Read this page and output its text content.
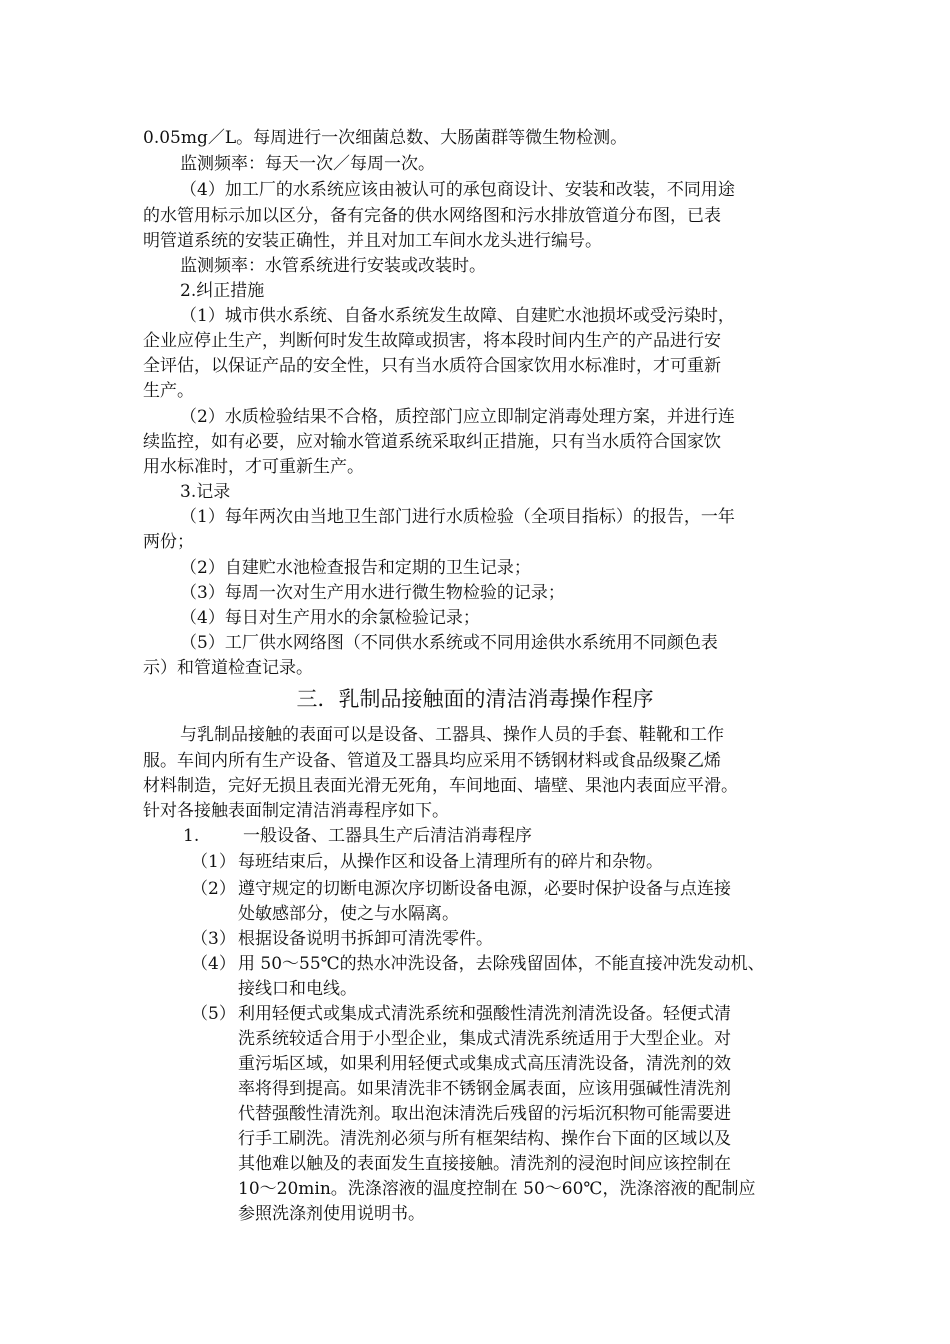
0.05mg／L。每周进行一次细菌总数、大肠菌群等微生物检测。
监测频率：每天一次／每周一次。
（4）加工厂的水系统应该由被认可的承包商设计、安装和改装，不同用途
的水管用标示加以区分，备有完备的供水网络图和污水排放管道分布图，已表
明管道系统的安装正确性，并且对加工车间水龙头进行编号。
监测频率：水管系统进行安装或改装时。
2.纠正措施
（1）城市供水系统、自备水系统发生故障、自建贮水池损坏或受污染时，
企业应停止生产，判断何时发生故障或损害，将本段时间内生产的产品进行安
全评估，以保证产品的安全性，只有当水质符合国家饮用水标准时，才可重新
生产。
（2）水质检验结果不合格，质控部门应立即制定消毒处理方案，并进行连
续监控，如有必要，应对输水管道系统采取纠正措施，只有当水质符合国家饮
用水标准时，才可重新生产。
3.记录
（1）每年两次由当地卫生部门进行水质检验（全项目指标）的报告，一年
两份；
（2）自建贮水池检查报告和定期的卫生记录；
（3）每周一次对生产用水进行微生物检验的记录；
（4）每日对生产用水的余氯检验记录；
（5）工厂供水网络图（不同供水系统或不同用途供水系统用不同颜色表
示）和管道检查记录。
三．乳制品接触面的清洁消毒操作程序
与乳制品接触的表面可以是设备、工器具、操作人员的手套、鞋靴和工作
服。车间内所有生产设备、管道及工器具均应采用不锈钢材料或食品级聚乙烯
材料制造，完好无损且表面光滑无死角，车间地面、墙壁、果池内表面应平滑。
针对各接触表面制定清洁消毒程序如下。
1.	一般设备、工器具生产后清洁消毒程序
（1） 每班结束后，从操作区和设备上清理所有的碎片和杂物。
（2） 遵守规定的切断电源次序切断设备电源，必要时保护设备与点连接
处敏感部分，使之与水隔离。
（3） 根据设备说明书拆卸可清洗零件。
（4） 用 50～55℃的热水冲洗设备，去除残留固体，不能直接冲洗发动机、
接线口和电线。
（5） 利用轻便式或集成式清洗系统和强酸性清洗剂清洗设备。轻便式清
洗系统较适合用于小型企业，集成式清洗系统适用于大型企业。对
重污垢区域，如果利用轻便式或集成式高压清洗设备，清洗剂的效
率将得到提高。如果清洗非不锈钢金属表面，应该用强碱性清洗剂
代替强酸性清洗剂。取出泡沫清洗后残留的污垢沉积物可能需要进
行手工刷洗。清洗剂必须与所有框架结构、操作台下面的区域以及
其他难以触及的表面发生直接接触。清洗剂的浸泡时间应该控制在
10～20min。洗涤溶液的温度控制在 50～60℃，洗涤溶液的配制应
参照洗涤剂使用说明书。
